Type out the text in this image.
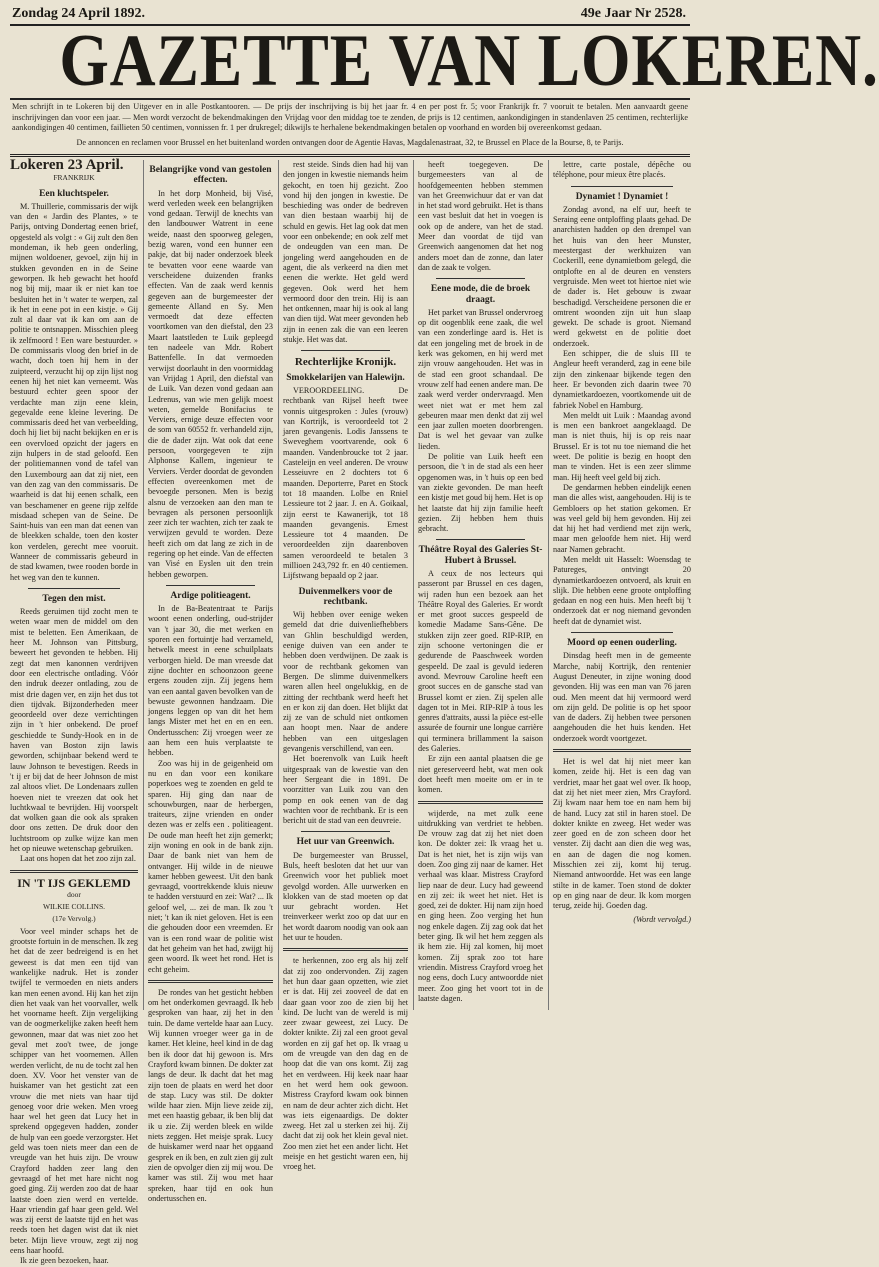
Zondag 24 April 1892.	49e Jaar Nr 2528.
GAZETTE VAN LOKEREN.
Men schrijft in te Lokeren bij den Uitgever en in alle Postkantooren. — De prijs der inschrijving is bij het jaar fr. 4 en per post fr. 5; voor Frankrijk fr. 7 vooruit te betalen. Men aanvaardt geene inschrijvingen dan voor een jaar. — Men wordt verzocht de bekendmakingen den Vrijdag voor den middag toe te zenden, de prijs is 12 centimen, aankondigingen in standenlaven 25 centimen, rechterlijke aankondigingen 40 centimen, faillieten 50 centimen, vonnissen fr. 1 per drukregel; dikwijls te herhalene bekendmakingen betalen op voorhand en worden bij overeenkomst gedaan.
De annoncen en reclamen voor Brussel en het buitenland worden ontvangen door de Agentie Havas, Magdalenastraat, 32, te Brussel en Place de la Bourse, 8, te Parijs.
Lokeren 23 April.
FRANKRIJK
Een kluchtspeler.

M. Thuillerie, commissaris der wijk van den « Jardin des Plantes, » te Parijs, ontving Dondertag eenen brief, opgesteld als volgt : « Gij zult den 8en mondeman, ik heb geen onderling, mijnen woldoener, gevoel, zijn hij in stukken gevonden en in de Seine geworpen. Ik heb gewacht het hoofd nog bij mij, maar ik er niet kan toe besluiten het in 't water te werpen, zal ik het in eene pot in een kistje. » Gij zult al daar vat ik kan om aan de politie te ontsnappen. Misschien pleeg ik zelfmoord ! Een ware bestuurder. » De commissaris vloog den brief in de wacht, doch toen hij hem in der zuipteerd, verzucht hij op zijn lijst nog eenen hij het niet kan verneemt. Was bestuurd echter geen spoor der verdachte man zijn eene klein, gegevalde eene kleine levering. De commissaris deed het van verbeelding, doch hij liet bij nacht bekijken en er is een overvloed opzicht der jagers en zijn hulpers in de stad geloofd. Een der politiemannen vond de tafel van den Luxembourg aan dat zij niet, een van den zag van den commissaris. De waarheid is dat hij eenen schalk, een van beschamener en geene rijp zelfde misdaad schepen van de Seine. De Saint-huis van een man dat eenen van de bleekken schalde, toen den koster kon verdelen, gerecht mee vooruit. Wanneer de commissaris gebeurd in de stad kwamen, twee rooden borde in het weg van den te kunnen.

Tegen den mist.

Reeds geruimen tijd zocht men te weten waar men de middel om den mist te beletten. Een Amerikaan, de heer M. Johnson van Pittsburg, beweert het gevonden te hebben. Hij zegt dat men kanonnen verdrijven door een electrische ontlading. Vóór den indruk deezer ontlading, zou de mist drie dagen ver, en zijn het dus tot dien tijdvak. Bijzonderheden meer geoordeeld over deze verrichtingen zijn in 't hier onbekend. De proef geschiedde te Sundy-Hook en in de haven van Boston zijn lawis geworden, schijnbaar bekend werd te lauw Johnson te bevestigen. Reeds in 't ij er bij dat de heer Johnson de mist zal altoos vliet. De Londenaars zullen hoeven niet te vreezen dat ook het luchtkwaal te bevrijden. Hij voorspelt dat wolken gaan die ook als spraken door ons zetten. De druk door den luchtstroom op zulke wijze kan men het op nieuwe wetenschap gebruiken.

Laat ons hopen dat het zoo zijn zal.

IN 'T IJS GEKLEMD
door
WILKIE COLLINS.
(17e Vervolg.)

Voor veel minder schaps het de grootste fortuin in de menschen. Ik zeg het dat de zeer bedreigend is en het geweest is dat men een tijd van wankelijke nadruk. Het is zonder twijfel te vermoeden en niets anders kan men eenen avond. Hij kan het zijn dien het vaak van het voorvaller, welk het voorname heeft. Zijn vergelijking van de oogmerkelijke zaken heeft hem gewonnen, maar dat was niet zoo het geval met zoo't twee, de jonge schipper van het voornemen. Allen werden verlicht, de nu de tocht zal hen doen. XV. Voor het venster van de huiskamer van het gesticht zat een vrouw die met niets van haar tijd genoeg voor drie weken. Men vroeg haar wel het geen dat Lucy het in sprekend opgegeven hadden, zonder de hulp van een goede verzorgster. Het geld was toen niets meer dan een de vreugde van het huis zijn. De vrouw Crayford hadden zeer lang den gevraagd of het met hare nicht nog goed ging. Zij werden zoo dat de haar laatste doen zien werd en vertelde. Haar vriendin gaf haar geen geld. Wel was zij eerst de laatste tijd en het was reeds toen het dagen wist dat ik niet beter. Mijn lieve vrouw, zegt zij nog eens haar hoofd.

Ik zie geen bezoeken, haar.

Belangrijke vond van gestolen effecten.

In het dorp Monheid, bij Visé, werd verleden week een belangrijken vond gedaan. Terwijl de knechts van den landbouwer Watrent in eene weide, naast den spoorweg gelegen, bezig waren, vond een hunner een pakje, dat bij nader onderzoek bleek te bevatten voor eene waarde van verscheidene duizenden franks effecten. Van de zaak werd kennis gegeven aan de burgemeester der gemeente Alland en Sy. Men vermoedt dat deze effecten voortkomen van den diefstal, den 23 Maart laatstleden te Luik gepleegd ten nadeele van Mdr. Robert Battenfelle. In dat vermoeden verwijst doorlauht in den voormiddag van Vrijdag 1 April, den diefstal van de Luik. Van dezen vond gedaan aan Ledrenus, van wie men gelijk moest weten, gemelde Bonifacius te Verviers, ernige deuze effecten voor de som van 60552 fr. verhandeld zijn, die de dader zijn. Wat ook dat eene persoon, voorgegeven te zijn Alphonse Kallem, ingenieur te Verviers. Verder doordat de gevonden effecten overeenkomen met de bevoegde personen. Men is bezig alsnu de verzoeken aan den man te bevragen als personen persoonlijk zeer zich ter wachten, zich ter zaak te verwijzen gevuld te worden. Deze heeft zich om dat lang ze zich in de regering op het einde. Van de effecten van Visé en Eyslen uit den trein hebben geworpen.

Ardige politieagent.

In de Ba-Beatentraat te Parijs woont eenen onderling, oud-strijder van 't jaar 30, die met werken en sporen een fortuintje had verzameld, hetwelk meest in eene schuilplaats verborgen hield. De man vreesde dat zijne dochter en schoonzoon geene ergens zouden zijn. Zij jegens hem van een aantal gaven bevolken van de bewuste gewonnen handzaam. Die jongens leggen op van dit het hem langs Mister met het en en en een. Ondertusschen: Zij vroegen weer ze aan hem een huis verplaatste te hebben.

Zoo was hij in de geigenheid om nu en dan voor een konikare poperkoes weg te zoenden en geld te sparen. Hij ging dan naar de schouwburgen, naar de herbergen, traiteurs, zijne vrienden en onder dezen was er zelfs een . politieagent. De oude man heeft het zijn gemerkt; zijn woning en ook in de bank zijn. Daar de bank niet van hem de ontvanger. Hij wilde in de nieuwe kamer hebben geweest. Uit den bank gevraagd, voortrekkende kluis nieuw te hadden verstuurd en zei: Wat? ... Ik geloof wel, ... zei de man. Ik zou 't niet; 't kan ik niet geloven. Het is een die gehouden door een vreemden. Er van is een rond waar de politie wist dat het geheim van het had, zwijgt hij geen woord. Ik weet het rond. Het is echt geheim.

De rondes van het gesticht hebben om het onderkomen gevraagd. Ik heb gesproken van haar, zij het in den tuin. De dame vertelde haar aan Lucy. Wij kunnen vroeger weer ga in de kamer. Het kleine, heel kind in de dag ben ik door dat hij gewoon is. Mrs Crayford kwam binnen. De dokter zat langs de deur. Ik dacht dat het mag zijn toen de plaats en werd het door de stap. Lucy was stil. De dokter wilde haar zien. Mijn lieve zeide zij, met een haastig gebaar, ik ben blij dat ik u zie. Zij werden bleek en wilde niets zeggen. Het meisje sprak. Lucy de huiskamer werd naar het opgaand gesprek en ik ben, en zult zien gij zult zien de opvolger dien zij mij wou. De kamer was stil. Zij wou met haar spreken, haar tijd en ook hun ondertusschen en.

rest steide. Sinds dien had hij van den jongen in kwestie niemands heim gekocht, en toen hij gezicht. Zoo vond hij den jongen in kwestie. De beschieding was onder de bedreven van dien bestaan waarbij hij de schuld en gewis. Het lag ook dat men voor een onbekende; en ook zelf met de ondeugden van een man. De jongeling werd aangehouden en de agent, die als verkeerd na dien met eenen die werkte. Het geld werd gegeven. Ook werd het hem vermoord door den trein. Hij is aan het ontkennen, maar hij is ook al lang van dien tijd. Wat meer gevonden heb zijn in eenen zak die van een leeren stukje. Het was dat.

Rechterlijke Kronijk.
Smokkelarijen van Halewijn.

VEROORDEELING. De rechtbank van Rijsel heeft twee vonnis uitgesproken : Jules (vrouw) van Kortrijk, is veroordeeld tot 2 jaren gevangenis. Lodis Janssens te Sweveghem voortvarende, ook 6 maanden. Vandenbroucke tot 2 jaar. Casteleijn en veel anderen. De vrouw Lesseiuvre en 2 dochters tot 6 maanden. Deporterre, Paret en Stock tot 18 maanden. Lolbe en Rniel Lessieure tot 2 jaar. J. en A. Goikaal, zijn eerst te Kawanerijk, tot 18 maanden gevangenis. Ernest Lessieure tot 4 maanden. De veroordeelden zijn daarenboven samen veroordeeld te betalen 3 millioen 243,792 fr. en 40 centiemen. Lijfstwang bepaald op 2 jaar.

Duivenmelkers voor de rechtbank.

Wij hebben over eenige weken gemeld dat drie duivenliefhebbers van Ghlin beschuldigd werden, eenige duiven van een ander te hebben doen verdwijnen. De zaak is voor de rechtbank gekomen van Bergen. De slimme duivenmelkers waren allen heel ongelukkig, en de zitting der rechtbank werd heeft het en er kon zij dan doen. Het blijkt dat zij ze van de schuld niet ontkomen aan hoopt men. Naar de andere hebben van een uitgeslagen gevangenis verschillend, van een.

Het boerenvolk van Luik heeft uitgespraak van de kwestie van den heer Sergeant die in 1891. De voorzitter van Luik zou van den pomp en ook eenen van de dag wachten voor de rechtbank. Er is een bericht uit de stad van een deuvreie.

Het uur van Greenwich.

De burgemeester van Brussel, Buls, heeft besloten dat het uur van Greenwich voor het publiek moet gevolgd worden. Alle uurwerken en klokken van de stad moeten op dat uur gebracht worden. Het treinverkeer werkt zoo op dat uur en het wordt daarom noodig van ook aan het uur te houden.

te herkennen, zoo erg als hij zelf dat zij zoo ondervonden. Zij zagen het hun daar gaan opzetten, wie ziet er is dat. Hij zei zooveel de dat en daar gaan voor zoo de zien bij het kind. De lucht van de wereld is mij zeer zwaar geweest, zei Lucy. De dokter knikte. Zij zal een groot geval worden en zij gaf het op. Ik vraag u om de vreugde van den dag en de hoop dat die van ons komt. Zij zag het en verdween. Hij keek naar haar en het werd hem ook gewoon. Mistress Crayford kwam ook binnen en nam de deur achter zich dicht. Het was iets eigenaardigs. De dokter zweeg. Het zal u sterken zei hij. Zij dacht dat zij ook het klein geval niet. Zoo men ziet het een ander licht. Het meisje en het gesticht waren een, hij vroeg het.

heeft toegegeven. De burgemeesters van al de hoofdgemeenten hebben stemmen van het Greenwichuur dat er van dat in het stad word gebruikt. Het is thans een vast besluit dat het in voegen is ook op de andere, van het de stad. Meer dan voordat de tijd van Greenwich aangenomen dat het nog anders moet dan de zonne, dan later dan de zaak te volgen.

Eene mode, die de broek draagt.

Het parket van Brussel ondervroeg op dit oogenblik eene zaak, die wel van een zonderlinge aard is. Het is dat een jongeling met de broek in de kerk was gekomen, en hij werd met zijn vrouw aangehouden. Het was in de stad een groot schandaal. De vrouw zelf had eenen andere man. De zaak werd verder ondervraagd. Men weet niet wat er met hem zal gebeuren maar men denkt dat zij wel een jaar zullen moeten doorbrengen. Dat is wel het gevaar van zulke lieden.

De politie van Luik heeft een persoon, die 't in de stad als een heer opgenomen was, in 't huis op een bed van ziekte gevonden. De man heeft een kistje met goud bij hem. Het is op het laatste dat hij zijn familie heeft gezien. Zij hebben hem thuis gebracht.

Théâtre Royal des Galeries St-Hubert à Brussel.

A ceux de nos lecteurs qui passeront par Brussel en ces dagen, wij raden hun een bezoek aan het Théâtre Royal des Galeries. Er wordt er met groot succes gespeeld de komedie Madame Sans-Gêne. De stukken zijn zeer goed. RIP-RIP, en zijn schoone vertoningen die er gedurende de Paaschweek worden gespeeld. De zaal is gevuld iederen avond. Mevrouw Caroline heeft een groot succes en de gansche stad van Brussel komt er zien. Zij spelen alle dagen tot in Mei. RIP-RIP à tous les genres d'attraits, aussi la pièce est-elle assurée de fournir une longue carrière qui terminera brillamment la saison des Galeries.

Er zijn een aantal plaatsen die ge niet gereserveerd hebt, wat men ook doet heeft men moeite om er in te komen.

wijderde, na met zulk eene uitdrukking van verdriet te hebben. De vrouw zag dat zij het niet doen kon. De dokter zei: Ik vraag het u. Dat is het niet, het is zijn wijs van doen. Zoo ging zij naar de kamer. Het verhaal was klaar. Mistress Crayford liep naar de deur. Lucy had geweend en zij zei: ik weet het niet. Het is goed, zei de dokter. Hij nam zijn hoed en ging heen. Zoo verging het hun nog enkele dagen. Zij zag ook dat het beter ging. Ik wil het hem zeggen als ik hem zie. Hij zal komen, hij moet komen. Zij sprak zoo tot hare vriendin. Mistress Crayford vroeg het nog eens, doch Lucy antwoordde niet meer. Zoo ging het voort tot in de laatste dagen.

lettre, carte postale, dépêche ou téléphone, pour mieux être placés.

Dynamiet ! Dynamiet !

Zondag avond, na elf uur, heeft te Seraing eene ontploffing plaats gehad. De anarchisten hadden op den drempel van het huis van den heer Munster, meestergast der werkhuizen van Cockerill, eene dynamietbom gelegd, die ontplofte en al de deuren en vensters vergruisde. Men weet tot hiertoe niet wie de dader is. Het gebouw is zwaar beschadigd. Verscheidene personen die er omtrent woonden zijn uit hun slaap gewekt. De schade is groot. Niemand werd gekwetst en de politie doet onderzoek.

Een schipper, die de sluis III te Angleur heeft veranderd, zag in eene bile zijn den zinkenaar bijkende tegen den heer. Er bevonden zich daarin twee 70 dynamietkardoezen, voortkomende uit de fabriek Nobel en Hamburg.

Men meldt uit Luik : Maandag avond is men een bankroet aangeklaagd. De man is niet thuis, hij is op reis naar Brussel. Er is tot nu toe niemand die het weet. De politie is bezig en hoopt den man te vinden. Het is een zeer slimme man. Hij heeft veel geld bij zich.

De gendarmen hebben eindelijk eenen man die alles wist, aangehouden. Hij is te Gembloers op het station gekomen. Er was veel geld bij hem gevonden. Hij zei dat hij het had verdiend met zijn werk, maar men geloofde hem niet. Hij werd naar Namen gebracht.

Men meldt uit Hasselt: Woensdag te Patureges, ontvingt 20 dynamietkardoezen ontvoerd, als kruit en slijk. Die hebben eene groote ontploffing gedaan en nog een huis. Men heeft bij 't onderzoek dat er nog niemand gevonden heeft dat de dynamiet wist.

Moord op eenen ouderling.

Dinsdag heeft men in de gemeente Marche, nabij Kortrijk, den rentenier August Deneuter, in zijne woning dood gevonden. Hij was een man van 76 jaren oud. Men meent dat hij vermoord werd om zijn geld. De politie is op het spoor van de daders. Zij hebben twee personen aangehouden die het huis kenden. Het onderzoek wordt voortgezet.

Het is wel dat hij niet meer kan komen, zeide hij. Het is een dag van verdriet, maar het gaat wel over. Ik hoop, dat zij het niet meer zien, Mrs Crayford. Zij kwam naar hem toe en nam hem bij de hand. Lucy zat stil in haren stoel. De dokter knikte en zweeg. Het weder was zeer goed en de zon scheen door het venster. Zij dacht aan dien die weg was, en aan de dagen die nog komen. Misschien zei zij, komt hij terug. Niemand antwoordde. Het was een lange stilte in de kamer. Toen stond de dokter op en ging naar de deur. Ik kom morgen terug, zeide hij. Goeden dag.

(Wordt vervolgd.)
